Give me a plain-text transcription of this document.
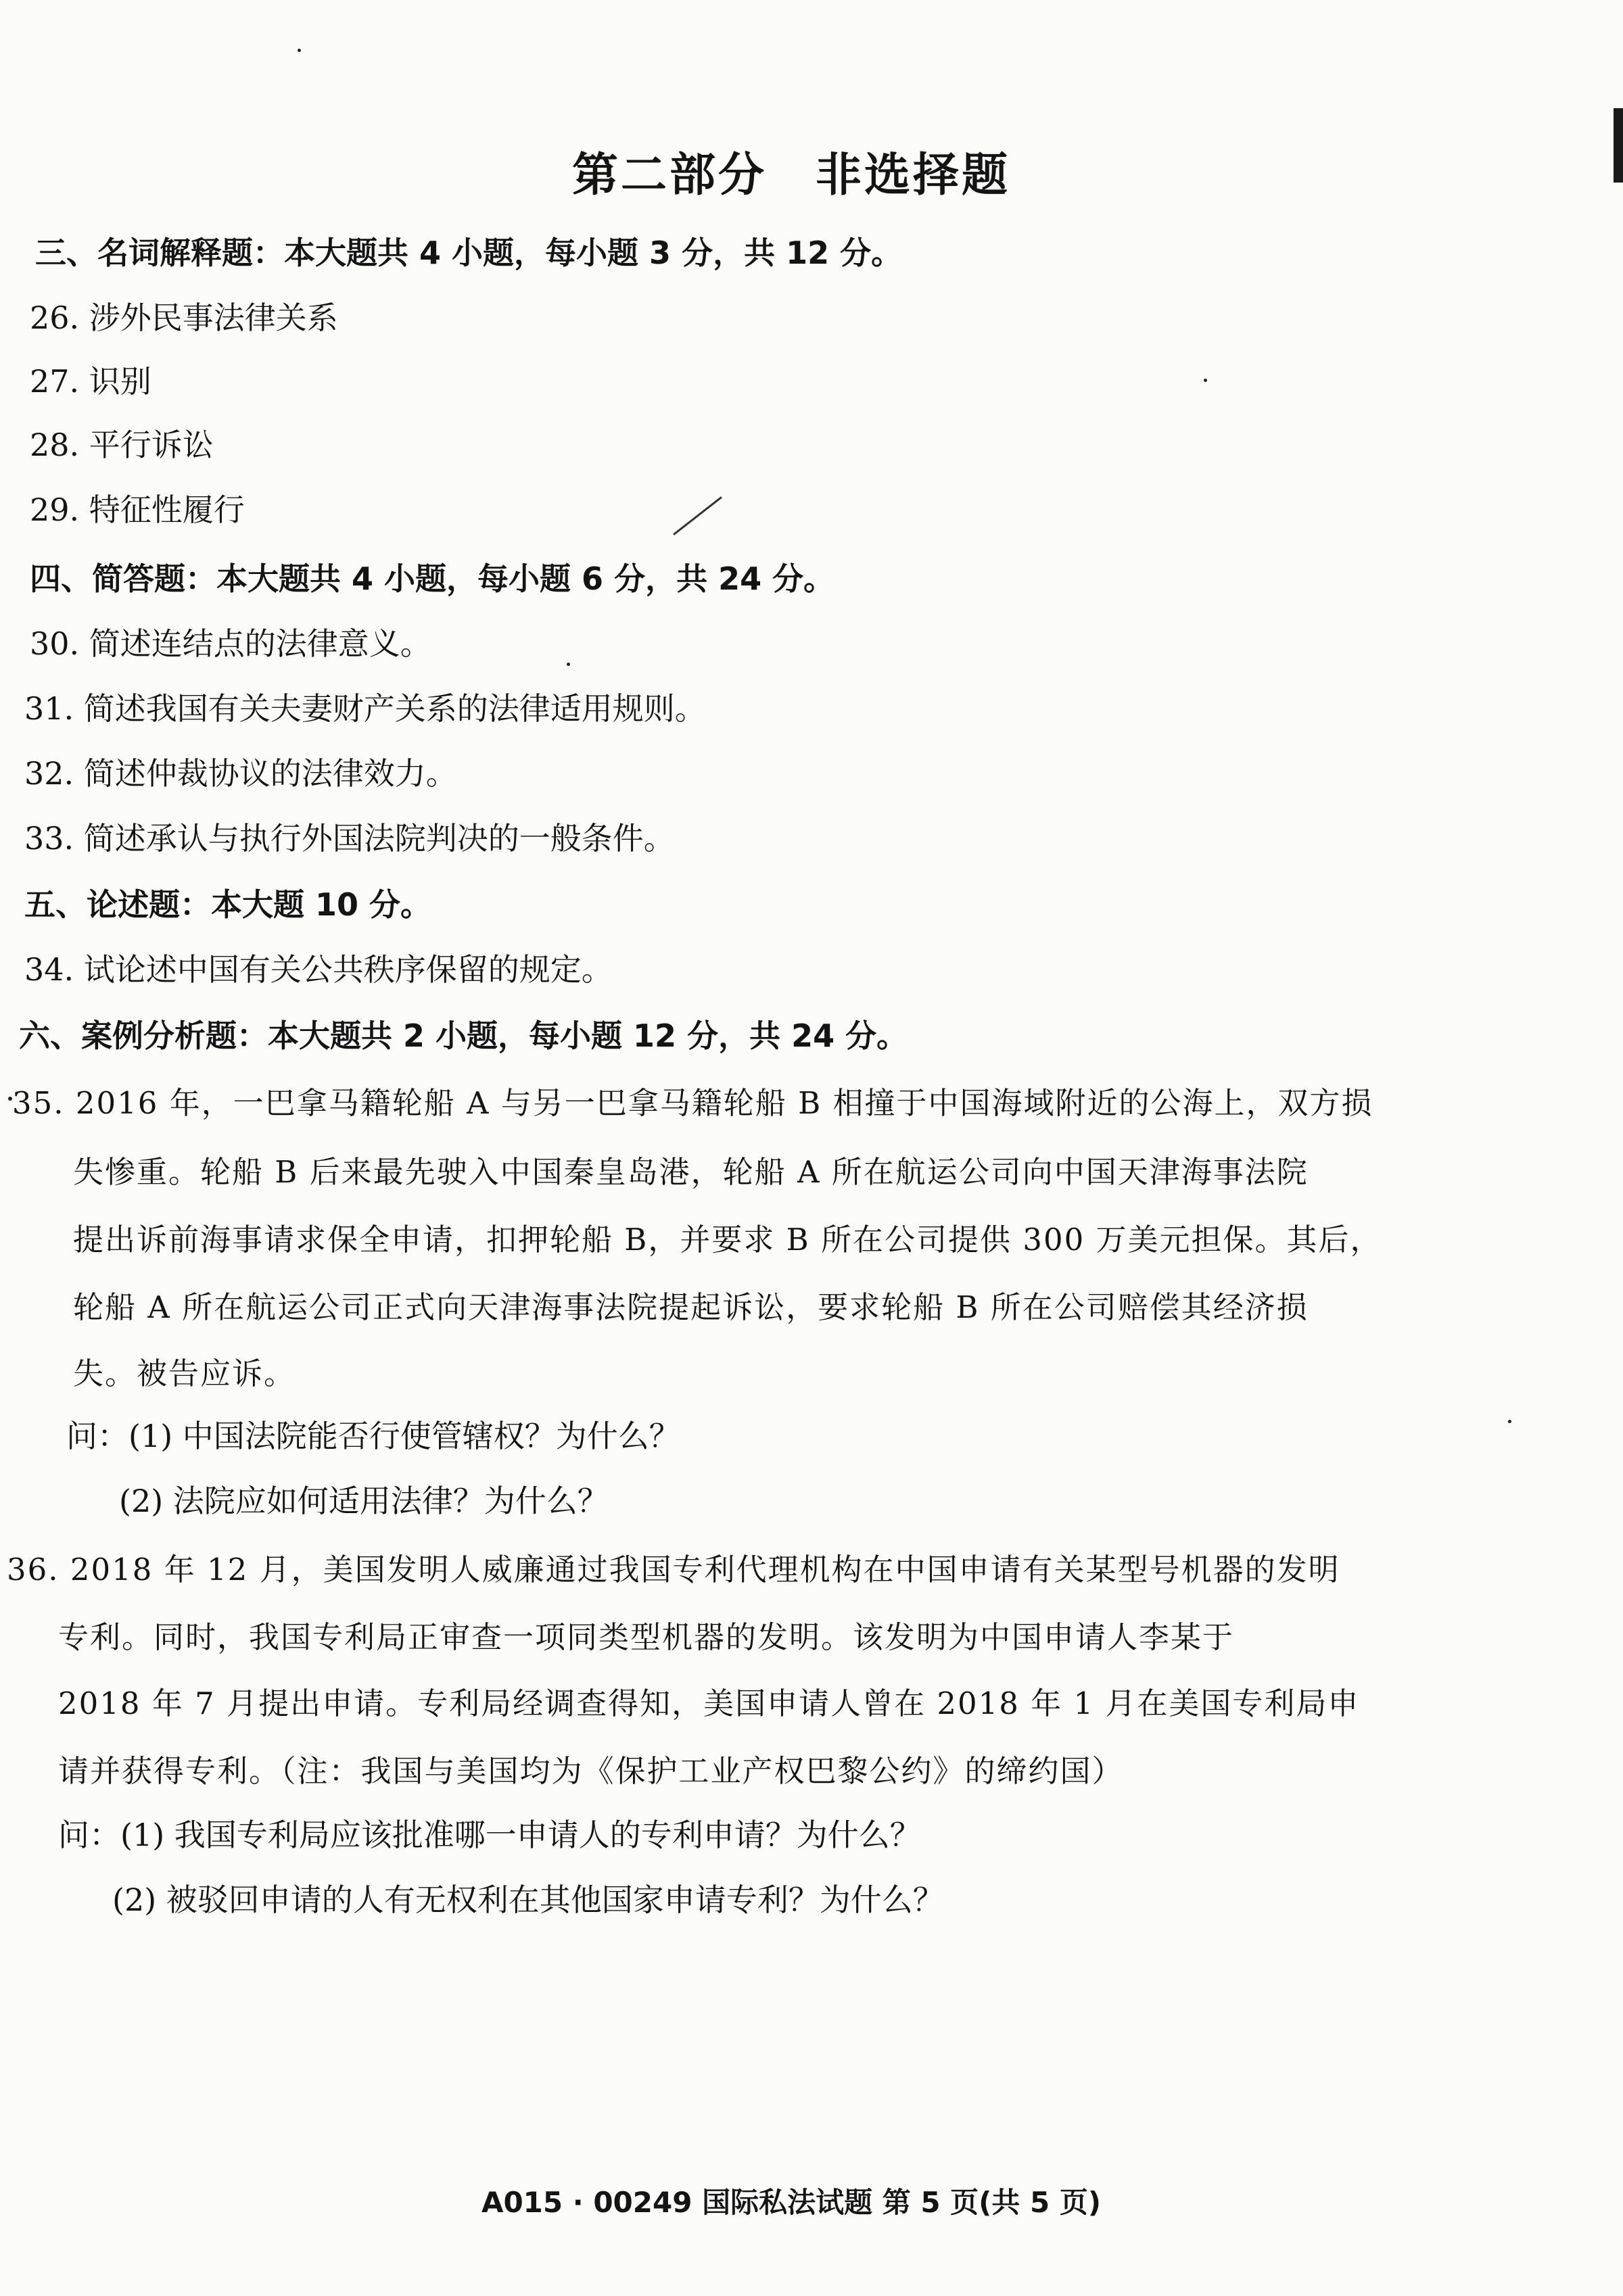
第二部分　非选择题
三、名词解释题：本大题共 4 小题，每小题 3 分，共 12 分。
26. 涉外民事法律关系
27. 识别
28. 平行诉讼
29. 特征性履行
四、简答题：本大题共 4 小题，每小题 6 分，共 24 分。
30. 简述连结点的法律意义。
31. 简述我国有关夫妻财产关系的法律适用规则。
32. 简述仲裁协议的法律效力。
33. 简述承认与执行外国法院判决的一般条件。
五、论述题：本大题 10 分。
34. 试论述中国有关公共秩序保留的规定。
六、案例分析题：本大题共 2 小题，每小题 12 分，共 24 分。
35. 2016 年，一巴拿马籍轮船 A 与另一巴拿马籍轮船 B 相撞于中国海域附近的公海上，双方损
失惨重。轮船 B 后来最先驶入中国秦皇岛港，轮船 A 所在航运公司向中国天津海事法院
提出诉前海事请求保全申请，扣押轮船 B，并要求 B 所在公司提供 300 万美元担保。其后，
轮船 A 所在航运公司正式向天津海事法院提起诉讼，要求轮船 B 所在公司赔偿其经济损
失。被告应诉。
问：(1) 中国法院能否行使管辖权？为什么？
(2) 法院应如何适用法律？为什么？
36. 2018 年 12 月，美国发明人威廉通过我国专利代理机构在中国申请有关某型号机器的发明
专利。同时，我国专利局正审查一项同类型机器的发明。该发明为中国申请人李某于
2018 年 7 月提出申请。专利局经调查得知，美国申请人曾在 2018 年 1 月在美国专利局申
请并获得专利。（注：我国与美国均为《保护工业产权巴黎公约》的缔约国）
问：(1) 我国专利局应该批准哪一申请人的专利申请？为什么？
(2) 被驳回申请的人有无权利在其他国家申请专利？为什么？
A015 · 00249 国际私法试题 第 5 页(共 5 页)
